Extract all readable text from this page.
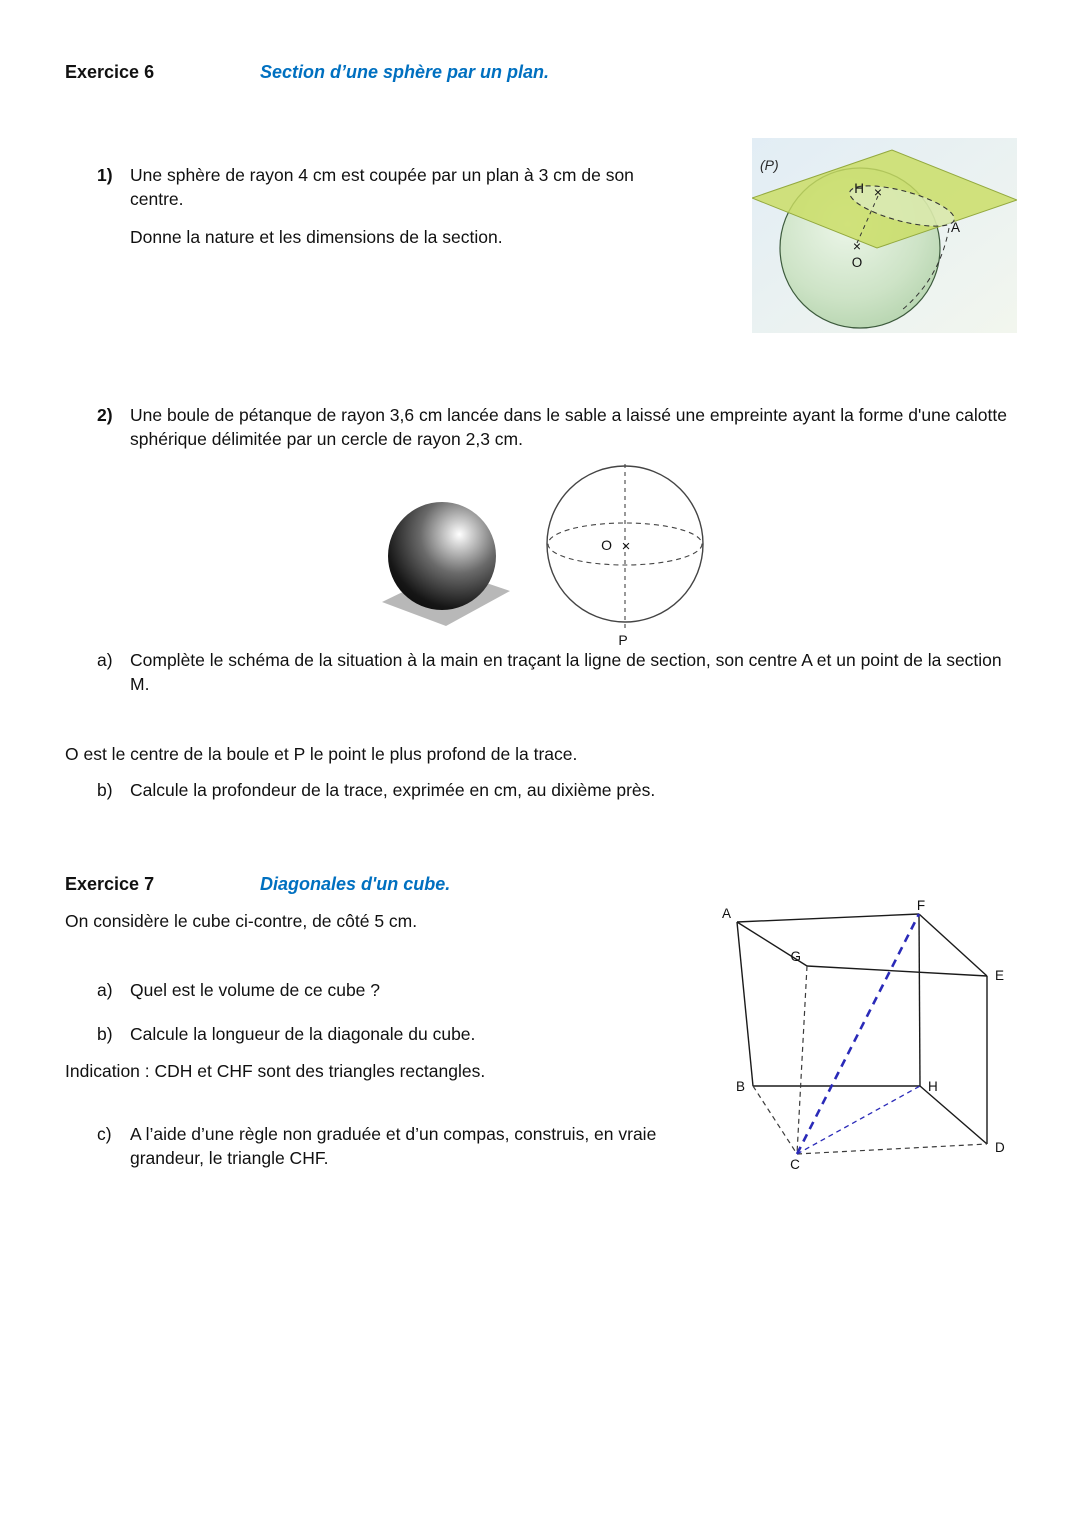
Exercice 6	Section d’une sphère par un plan.
1) Une sphère de rayon 4 cm est coupée par un plan à 3 cm de son centre.
Donne la nature et les dimensions de la section.
(P)
H ×
A
×
O
2) Une boule de pétanque de rayon 3,6 cm lancée dans le sable a laissé une empreinte ayant la forme d'une calotte sphérique délimitée par un cercle de rayon 2,3 cm.
O ×
P
a) Complète le schéma de la situation à la main en traçant la ligne de section, son centre A et un point de la section M.
O est le centre de la boule et P le point le plus profond de la trace.
b) Calcule la profondeur de la trace, exprimée en cm, au dixième près.
Exercice 7	Diagonales d'un cube.
On considère le cube ci-contre, de côté 5 cm.	A
F
G
E
B	H
C
D
a) Quel est le volume de ce cube ?
b) Calcule la longueur de la diagonale du cube.
Indication : CDH et CHF sont des triangles rectangles.
c)	A l’aide d’une règle non graduée et d’un compas, construis, en vraie grandeur, le triangle CHF.
